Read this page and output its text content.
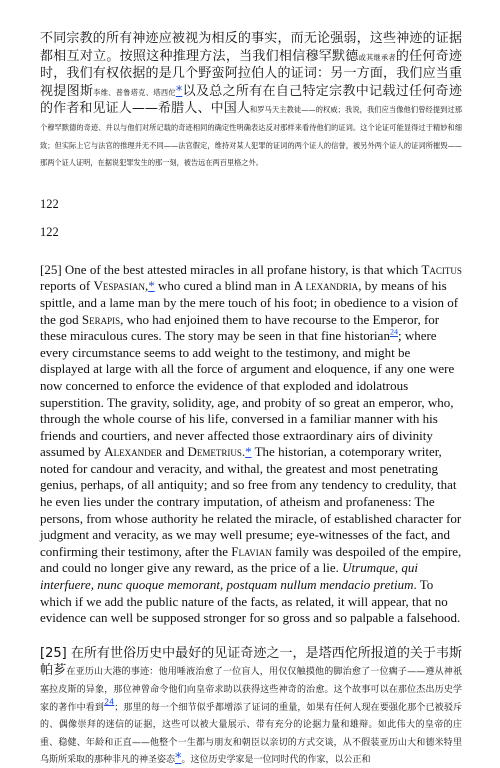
不同宗教的所有神迹应被视为相反的事实，而无论强弱，这些神迹的证据都相互对立。按照这种推理方法，当我们相信穆罕默德或其继承者的任何奇迹时，我们有权依据的是几个野蛮阿拉伯人的证词：另一方面，我们应当重视提图斯李维、普鲁塔克、塔西佗*以及总之所有在自己特定宗教中记载过任何奇迹的作者和见证人——希腊人、中国人和罗马天主教徒——的权威；我说，我们应当像他们曾经提到过那个穆罕默德的奇迹、并以与他们对所记载的奇迹相同的确定性明确表达反对那样来看待他们的证词。这个论证可能显得过于精妙和细致；但实际上它与法官的推理并无不同——法官假定，维持对某人犯罪的证词的两个证人的信誉，被另外两个证人的证词所摧毁——那两个证人证明，在据说犯罪发生的那一刻，被告远在两百里格之外。

122

122

[25] One of the best attested miracles in all profane history, is that which Tacitus reports of Vespasian,* who cured a blind man in A lexandria, by means of his spittle, and a lame man by the mere touch of his foot; in obedience to a vision of the god Serapis, who had enjoined them to have recourse to the Emperor, for these miraculous cures. The story may be seen in that fine historian$^{24}$; where every circumstance seems to add weight to the testimony, and might be displayed at large with all the force of argument and eloquence, if any one were now concerned to enforce the evidence of that exploded and idolatrous superstition. The gravity, solidity, age, and probity of so great an emperor, who, through the whole course of his life, conversed in a familiar manner with his friends and courtiers, and never affected those extraordinary airs of divinity assumed by Alexander and Demetrius.* The historian, a cotemporary writer, noted for candour and veracity, and withal, the greatest and most penetrating genius, perhaps, of all antiquity; and so free from any tendency to credulity, that he even lies under the contrary imputation, of atheism and profaneness: The persons, from whose authority he related the miracle, of established character for judgment and veracity, as we may well presume; eye-witnesses of the fact, and confirming their testimony, after the Flavian family was despoiled of the empire, and could no longer give any reward, as the price of a lie. Utrumque, qui interfuere, nunc quoque memorant, postquam nullum mendacio pretium. To which if we add the public nature of the facts, as related, it will appear, that no evidence can well be supposed stronger for so gross and so palpable a falsehood.

[25] 在所有世俗历史中最好的见证奇迹之一，是塔西佗所报道的关于韦斯帕芗在亚历山大港的事迹：他用唾液治愈了一位盲人，用仅仅触摸他的脚治愈了一位瘸子——遵从神祇塞拉皮斯的异象，那位神曾命令他们向皇帝求助以获得这些神奇的治愈。这个故事可以在那位杰出历史学家的著作中看到$^{24}$；那里的每一个细节似乎都增添了证词的重量，如果有任何人现在要强化那个已被驳斥的、偶像崇拜的迷信的证据，这些可以被大量展示、带有充分的论据力量和雄辩。如此伟大的皇帝的庄重、稳健、年龄和正直——他整个一生都与朋友和朝臣以亲切的方式交谈，从不假装亚历山大和德米特里乌斯所采取的那种非凡的神圣姿态*。这位历史学家是一位同时代的作家，以公正和
